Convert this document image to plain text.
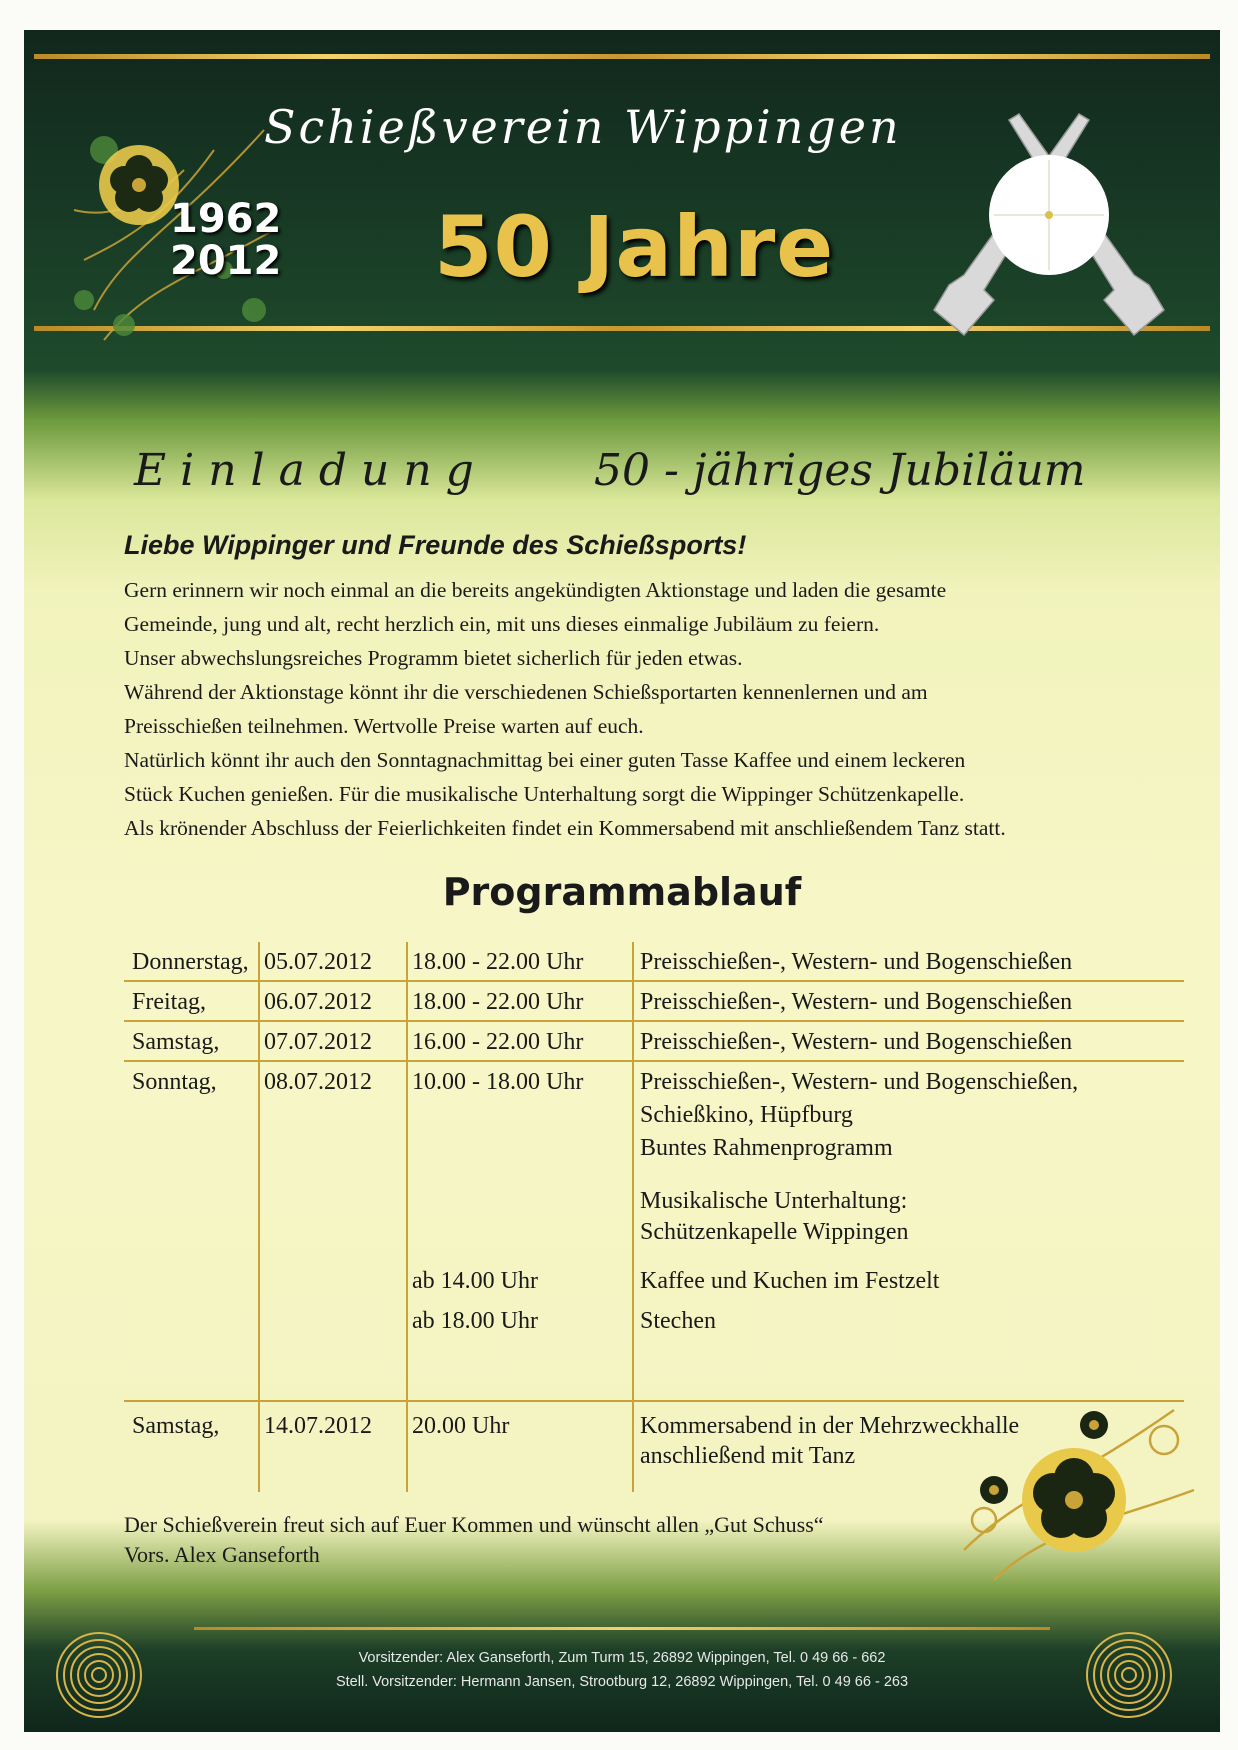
Schießverein Wippingen
1962
2012 50 Jahre
Einladung 50 - jähriges Jubiläum
Liebe Wippinger und Freunde des Schießsports!
Gern erinnern wir noch einmal an die bereits angekündigten Aktionstage und laden die gesamte
Gemeinde, jung und alt, recht herzlich ein, mit uns dieses einmalige Jubiläum zu feiern.
Unser abwechslungsreiches Programm bietet sicherlich für jeden etwas.
Während der Aktionstage könnt ihr die verschiedenen Schießsportarten kennenlernen und am
Preisschießen teilnehmen. Wertvolle Preise warten auf euch.
Natürlich könnt ihr auch den Sonntagnachmittag bei einer guten Tasse Kaffee und einem leckeren
Stück Kuchen genießen. Für die musikalische Unterhaltung sorgt die Wippinger Schützenkapelle.
Als krönender Abschluss der Feierlichkeiten findet ein Kommersabend mit anschließendem Tanz statt.
Programmablauf
Donnerstag, 05.07.2012 18.00 - 22.00 Uhr Preisschießen-, Western- und Bogenschießen
Freitag, 06.07.2012 18.00 - 22.00 Uhr Preisschießen-, Western- und Bogenschießen
Samstag, 07.07.2012 16.00 - 22.00 Uhr Preisschießen-, Western- und Bogenschießen
Sonntag, 08.07.2012 10.00 - 18.00 Uhr Preisschießen-, Western- und Bogenschießen,
Schießkino, Hüpfburg
Buntes Rahmenprogramm
Musikalische Unterhaltung:
Schützenkapelle Wippingen
ab 14.00 Uhr	Kaffee und Kuchen im Festzelt
ab 18.00 Uhr	Stechen
Samstag, 14.07.2012 20.00 Uhr	Kommersabend in der Mehrzweckhalle
anschließend mit Tanz
Der Schießverein freut sich auf Euer Kommen und wünscht allen „Gut Schuss“
Vors. Alex Ganseforth
Vorsitzender: Alex Ganseforth, Zum Turm 15, 26892 Wippingen, Tel. 0 49 66 - 662
Stell. Vorsitzender: Hermann Jansen, Strootburg 12, 26892 Wippingen, Tel. 0 49 66 - 263
